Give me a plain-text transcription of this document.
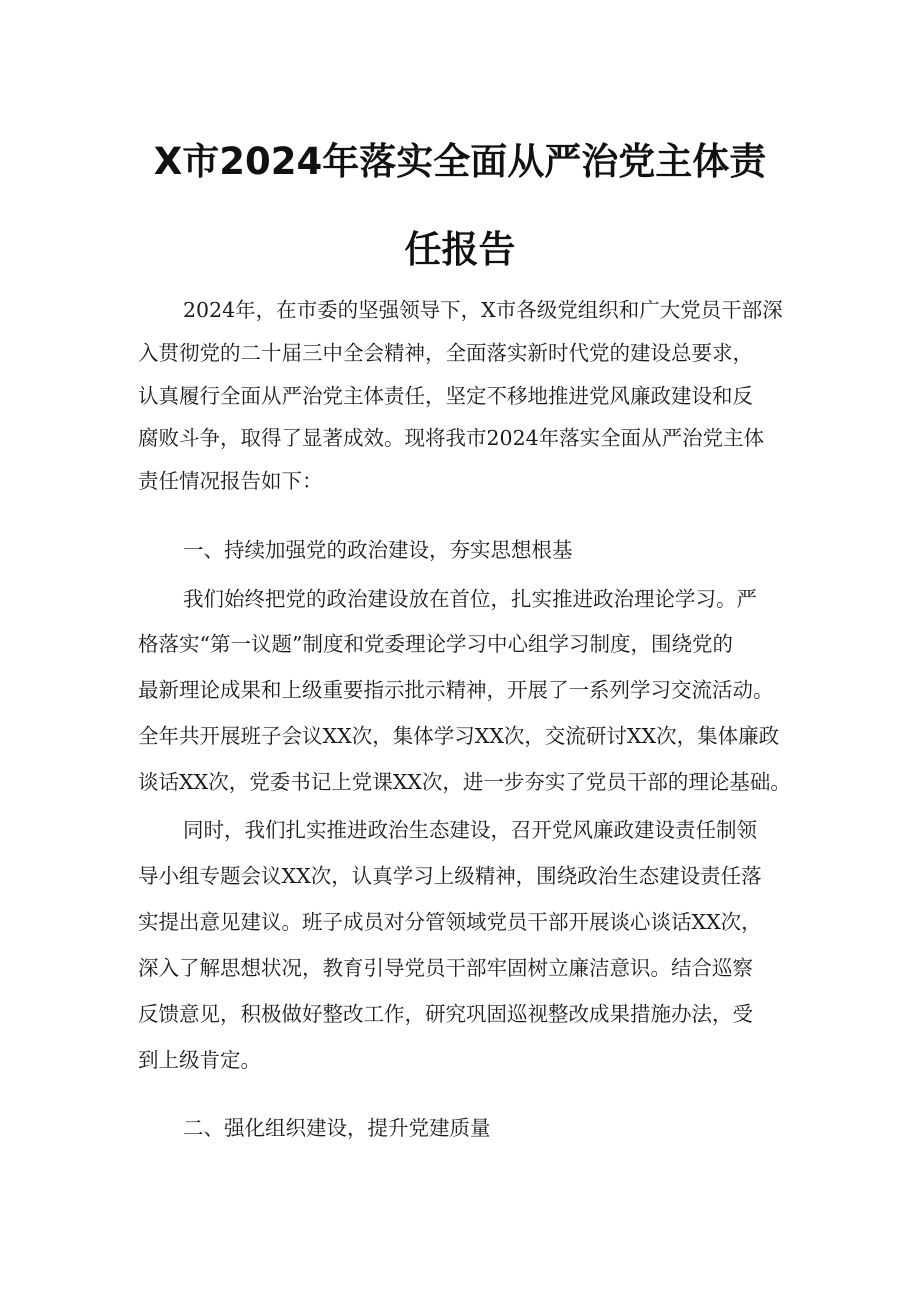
X市2024年落实全面从严治党主体责
任报告
2024年，在市委的坚强领导下，X市各级党组织和广大党员干部深
入贯彻党的二十届三中全会精神，全面落实新时代党的建设总要求，
认真履行全面从严治党主体责任，坚定不移地推进党风廉政建设和反
腐败斗争，取得了显著成效。现将我市2024年落实全面从严治党主体
责任情况报告如下：
一、持续加强党的政治建设，夯实思想根基
我们始终把党的政治建设放在首位，扎实推进政治理论学习。严
格落实“第一议题”制度和党委理论学习中心组学习制度，围绕党的
最新理论成果和上级重要指示批示精神，开展了一系列学习交流活动。
全年共开展班子会议XX次，集体学习XX次，交流研讨XX次，集体廉政
谈话XX次，党委书记上党课XX次，进一步夯实了党员干部的理论基础。
同时，我们扎实推进政治生态建设，召开党风廉政建设责任制领
导小组专题会议XX次，认真学习上级精神，围绕政治生态建设责任落
实提出意见建议。班子成员对分管领域党员干部开展谈心谈话XX次，
深入了解思想状况，教育引导党员干部牢固树立廉洁意识。结合巡察
反馈意见，积极做好整改工作，研究巩固巡视整改成果措施办法，受
到上级肯定。
二、强化组织建设，提升党建质量
